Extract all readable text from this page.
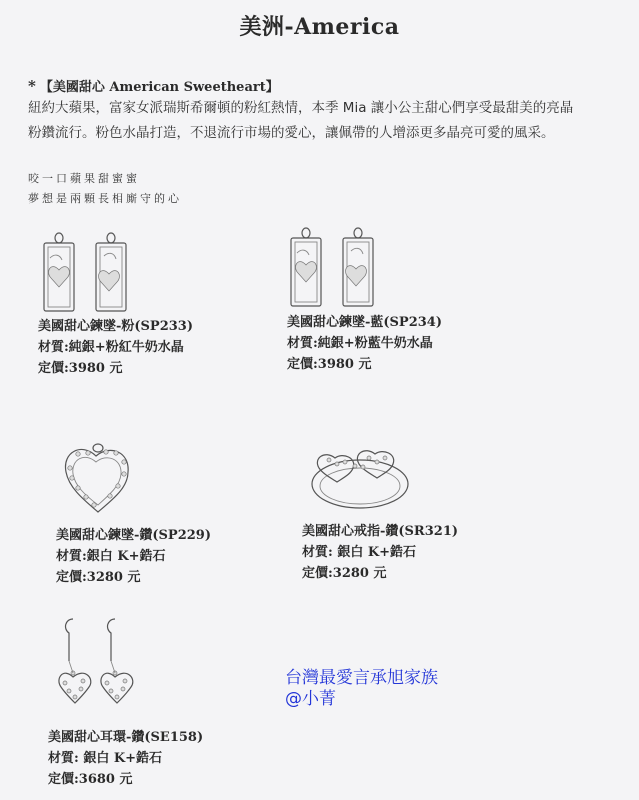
美洲-America
* 【美國甜心 American Sweetheart】
紐約大蘋果，富家女派瑞斯希爾頓的粉紅熱情，本季 Mia 讓小公主甜心們享受最甜美的亮晶
粉鑽流行。粉色水晶打造，不退流行市場的愛心，讓佩帶的人增添更多晶亮可愛的風采。
咬一口蘋果甜蜜蜜
夢想是兩顆長相廝守的心
美國甜心鍊墜-粉(SP233)
材質:純銀+粉紅牛奶水晶
定價:3980 元
美國甜心鍊墜-藍(SP234)
材質:純銀+粉藍牛奶水晶
定價:3980 元
美國甜心鍊墜-鑽(SP229)
材質:銀白 K+鋯石
定價:3280 元
美國甜心戒指-鑽(SR321)
材質: 銀白 K+鋯石
定價:3280 元
美國甜心耳環-鑽(SE158)
材質: 銀白 K+鋯石
定價:3680 元
台灣最愛言承旭家族
@小菁
